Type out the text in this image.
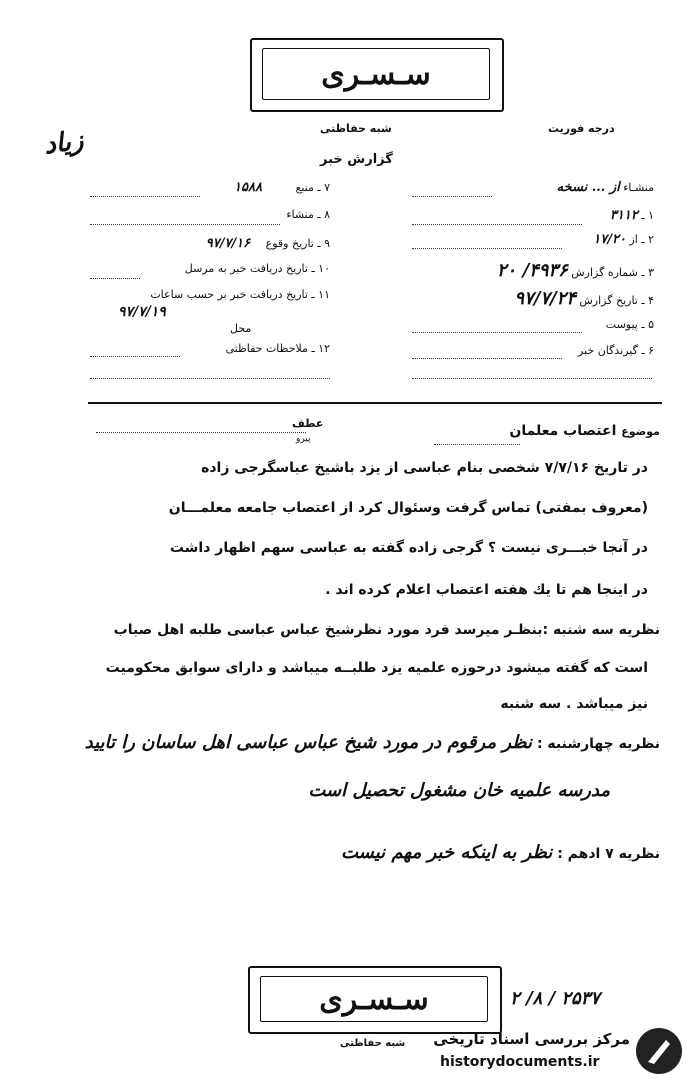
سـسـری
زیاد	درجه فوریت
شبه حفاظتی
گزارش خبر
منشـاء از ... نسخه
۱ ـ ۳۱۱۲
۲ ـ از ۱۷/۲۰
۳ ـ شماره گزارش ۴۹۳۶/ ۲۰
۴ ـ تاریخ گزارش ۹۷/۷/۲۴
۵ ـ پیوست
۶ ـ گیرندگان خبر
۷ ـ منبع ۱۵۸۸
۸ ـ منشاء
۹ ـ تاریخ وقوع ۹۷/۷/۱۶
۱۰ ـ تاریخ دریافت خبر به مرسل
۱۱ ـ تاریخ دریافت خبر بر حسب ساعات
۹۷/۷/۱۹
محل
۱۲ ـ ملاحظات حفاظتی
عطف
پیرو
موضوع اعتصاب معلمان
در تاریخ ۷/۷/۱۶ شخصی بنام عباسی از یزد باشیخ عباسگرجی زاده
(معروف بمفتی) تماس گرفت وسئوال کرد از اعتصاب جامعه معلمـــان
در آنجا خبـــری نیست ؟ گرجی زاده گفته به عباسی سهم اظهار داشت
در اینجا هم تا یك هفته اعتصاب اعلام کرده اند .
نظریه سه شنبه :بنظـر میرسد فرد مورد نظرشیخ عباس عباسی طلبه اهل صباب
است که گفته میشود درحوزه علمیه یزد طلبــه میباشد و دارای سوابق محکومیت
نیز میباشد . سه شنبه
نظریه چهارشنبه : نظر مرقوم در مورد شیخ عباس عباسی اهل ساسان را تایید
مدرسه علمیه خان مشغول تحصیل است
نظریه ۷ ادهم : نظر به اینکه خبر مهم نیست
سـسـری	۲۵۳۷ / ۸/ ۲
شبه حفاظتی مرکز بررسی اسناد تاریخی
historydocuments.ir
